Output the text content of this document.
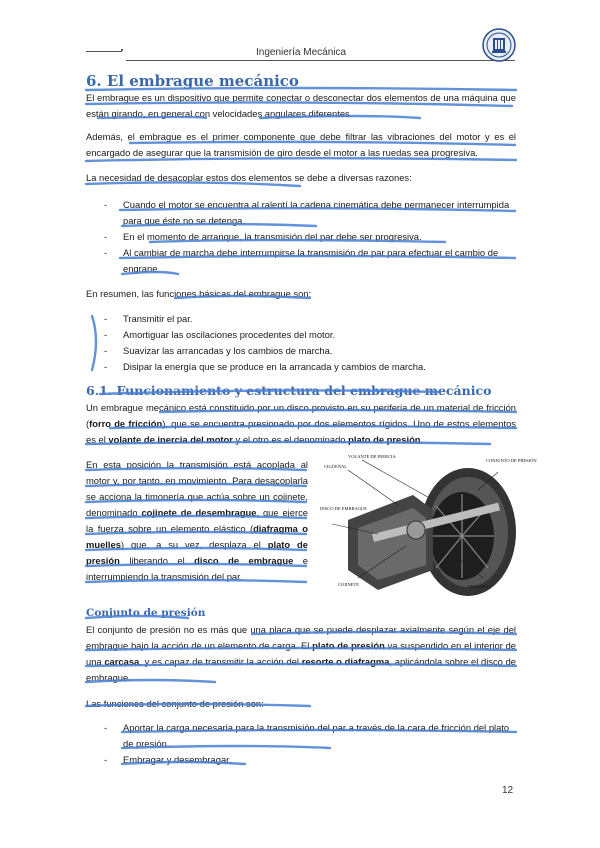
Ingeniería Mecánica
6. El embrague mecánico
El embrague es un dispositivo que permite conectar o desconectar dos elementos de una máquina que están girando, en general con velocidades angulares diferentes.
Además, el embrague es el primer componente que debe filtrar las vibraciones del motor y es el encargado de asegurar que la transmisión de giro desde el motor a las ruedas sea progresiva.
La necesidad de desacoplar estos dos elementos se debe a diversas razones:
- Cuando el motor se encuentra al ralentí la cadena cinemática debe permanecer interrumpida para que éste no se detenga.
- En el momento de arranque, la transmisión del par debe ser progresiva.
- Al cambiar de marcha debe interrumpirse la transmisión de par para efectuar el cambio de engrane.
En resumen, las funciones básicas del embrague son:
- Transmitir el par.
- Amortiguar las oscilaciones procedentes del motor.
- Suavizar las arrancadas y los cambios de marcha.
- Disipar la energía que se produce en la arrancada y cambios de marcha.
6.1. Funcionamiento y estructura del embrague mecánico
Un embrague mecánico está constituido por un disco provisto en su periferia de un material de fricción (forro de fricción), que se encuentra presionado por dos elementos rígidos. Uno de estos elementos es el volante de inercia del motor y el otro es el denominado plato de presión.
En esta posición la transmisión está acoplada al motor y, por tanto, en movimiento. Para desacoplarla se acciona la timonería que actúa sobre un cojinete, denominado cojinete de desembrague, que ejerce la fuerza sobre un elemento elástico (diafragma o muelles) que, a su vez, desplaza el plato de presión liberando el disco de embrague e interrumpiendo la transmisión del par.
VOLANTE DE INERCIA
CIGÜEÑAL
CONJUNTO DE PRESIÓN
DISCO DE EMBRAGUE
COJINETE	PRIMARIO
Conjunto de presión
El conjunto de presión no es más que una placa que se puede desplazar axialmente según el eje del embrague bajo la acción de un elemento de carga. El plato de presión va suspendido en el interior de una carcasa, y es capaz de transmitir la acción del resorte o diafragma, aplicándola sobre el disco de embrague.
Las funciones del conjunto de presión son:
- Aportar la carga necesaria para la transmisión del par a través de la cara de fricción del plato de presión.
- Embragar y desembragar.
12
